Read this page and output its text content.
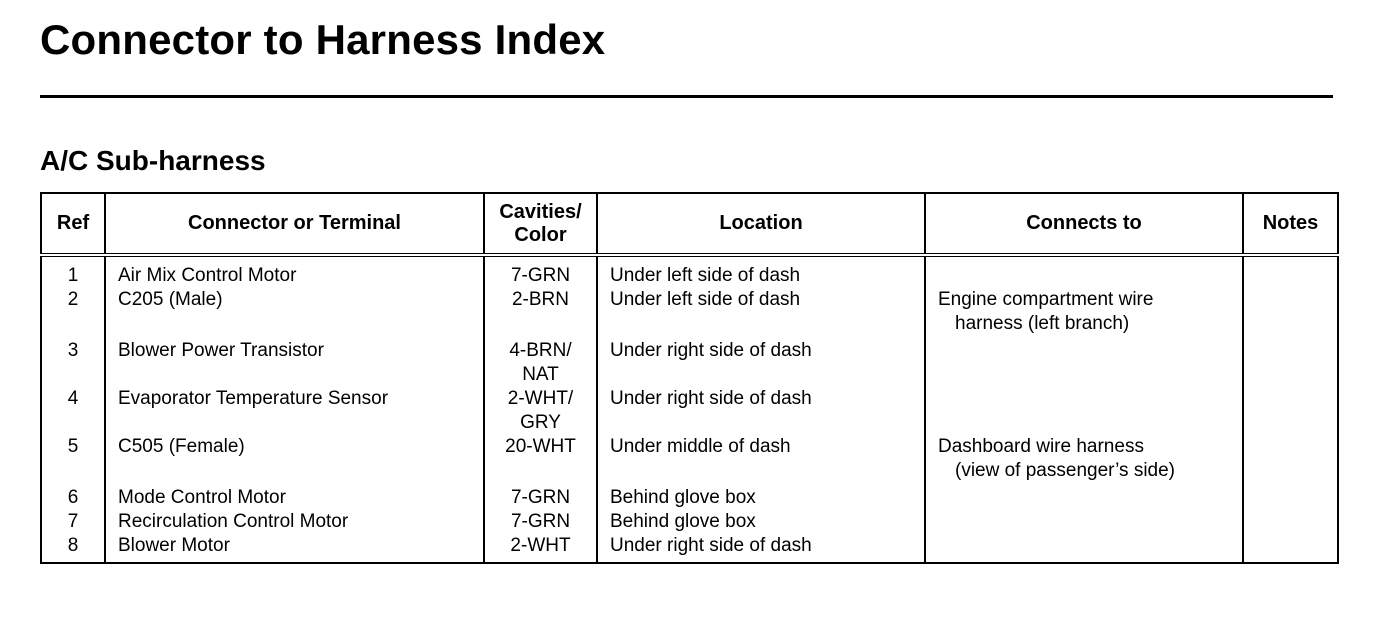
Connector to Harness Index
A/C Sub-harness
Ref	Connector or Terminal	Cavities/
Color	Location	Connects to	Notes
1	Air Mix Control Motor	7-GRN	Under left side of dash	

2	C205 (Male)	2-BRN	Under left side of dash	Engine compartment wire
harness (left branch)	

3	Blower Power Transistor	4-BRN/
NAT	Under right side of dash	

4	Evaporator Temperature Sensor	2-WHT/
GRY	Under right side of dash	

5	C505 (Female)	20-WHT	Under middle of dash	Dashboard wire harness
(view of passenger’s side)	

6	Mode Control Motor	7-GRN	Behind glove box	

7	Recirculation Control Motor	7-GRN	Behind glove box	

8	Blower Motor	2-WHT	Under right side of dash	
